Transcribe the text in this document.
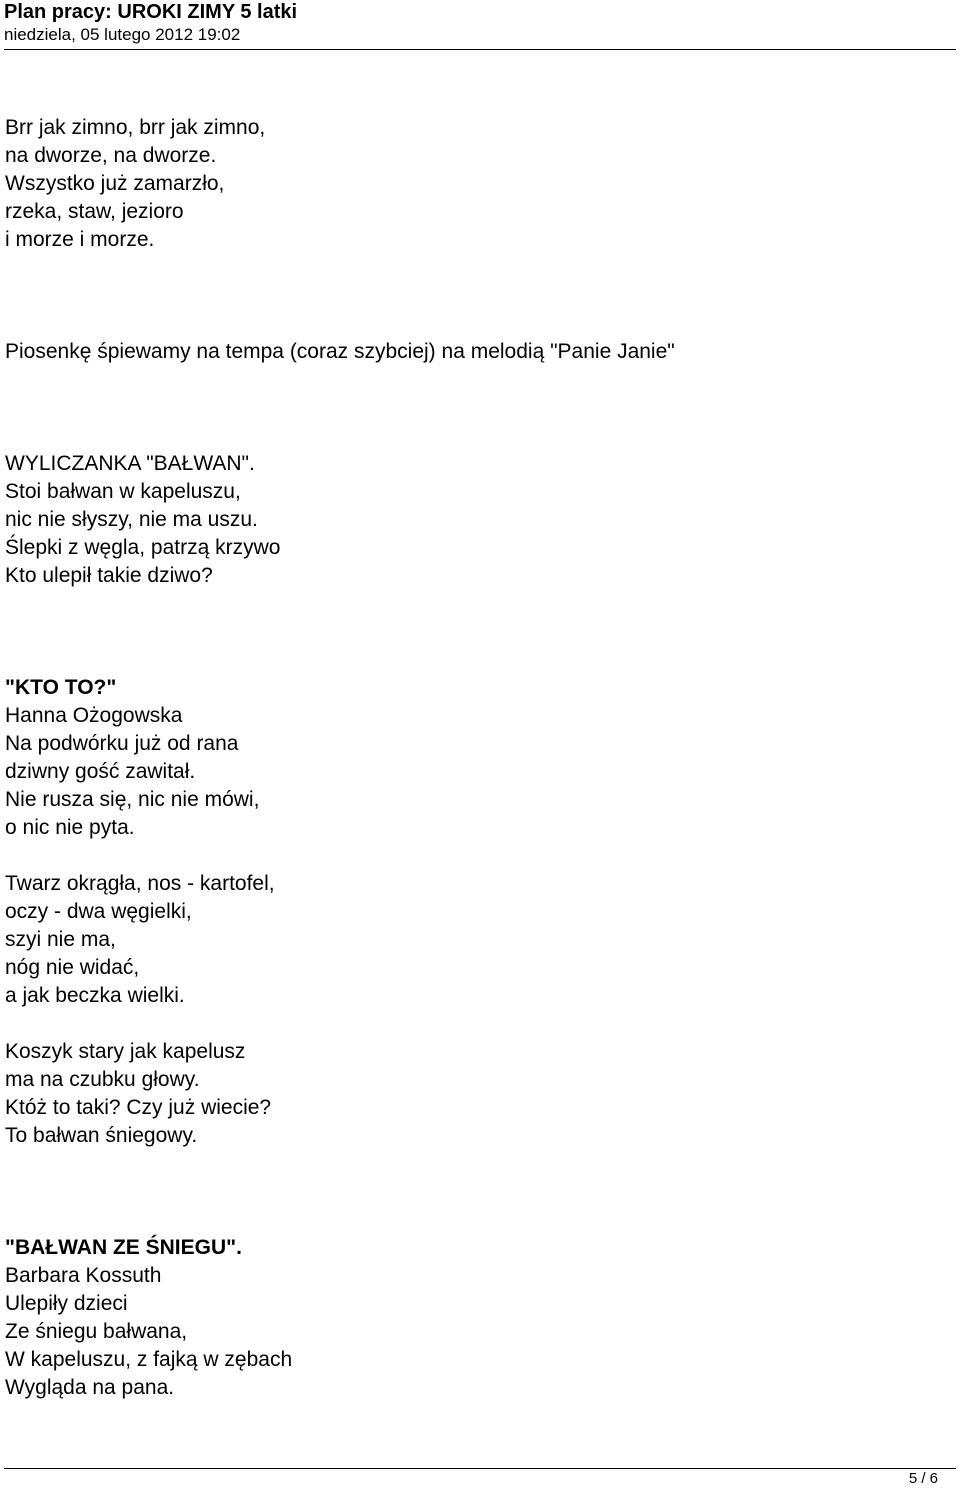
Plan pracy: UROKI ZIMY 5 latki

niedziela, 05 lutego 2012 19:02

Brr jak zimno, brr jak zimno,

na dworze, na dworze.

Wszystko już zamarzło,

rzeka, staw, jezioro

i morze i morze.

Piosenkę śpiewamy na tempa (coraz szybciej) na melodią "Panie Janie"

WYLICZANKA "BAŁWAN".

Stoi bałwan w kapeluszu,

nic nie słyszy, nie ma uszu.

Ślepki z węgla, patrzą krzywo

Kto ulepił takie dziwo?

"KTO TO?"

Hanna Ożogowska

Na podwórku już od rana

dziwny gość zawitał.

Nie rusza się, nic nie mówi,

o nic nie pyta.

Twarz okrągła, nos - kartofel,

oczy - dwa węgielki,

szyi nie ma,

nóg nie widać,

a jak beczka wielki.

Koszyk stary jak kapelusz

ma na czubku głowy.

Któż to taki? Czy już wiecie?

To bałwan śniegowy.

"BAŁWAN ZE ŚNIEGU".

Barbara Kossuth

Ulepiły dzieci

Ze śniegu bałwana,

W kapeluszu, z fajką w zębach

Wygląda na pana.

5 / 6
